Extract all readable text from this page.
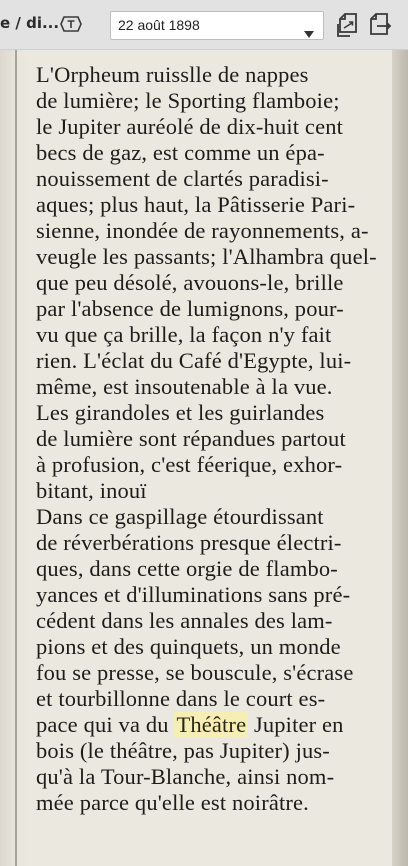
e / di...	22 août 1898
L'Orpheum ruisslle de nappes
de lumière; le Sporting flamboie;
le Jupiter auréolé de dix-huit cent
becs de gaz, est comme un épa-
nouissement de clartés paradisi-
aques; plus haut, la Pâtisserie Pari-
sienne, inondée de rayonnements, a-
veugle les passants; l'Alhambra quel-
que peu désolé, avouons-le, brille
par l'absence de lumignons, pour-
vu que ça brille, la façon n'y fait
rien. L'éclat du Café d'Egypte, lui-
même, est insoutenable à la vue.
Les girandoles et les guirlandes
de lumière sont répandues partout
à profusion, c'est féerique, exhor-
bitant, inouï
Dans ce gaspillage étourdissant
de réverbérations presque électri-
ques, dans cette orgie de flambo-
yances et d'illuminations sans pré-
cédent dans les annales des lam-
pions et des quinquets, un monde
fou se presse, se bouscule, s'écrase
et tourbillonne dans le court es-
pace qui va du Théâtre Jupiter en
bois (le théâtre, pas Jupiter) jus-
qu'à la Tour-Blanche, ainsi nom-
mée parce qu'elle est noirâtre.
